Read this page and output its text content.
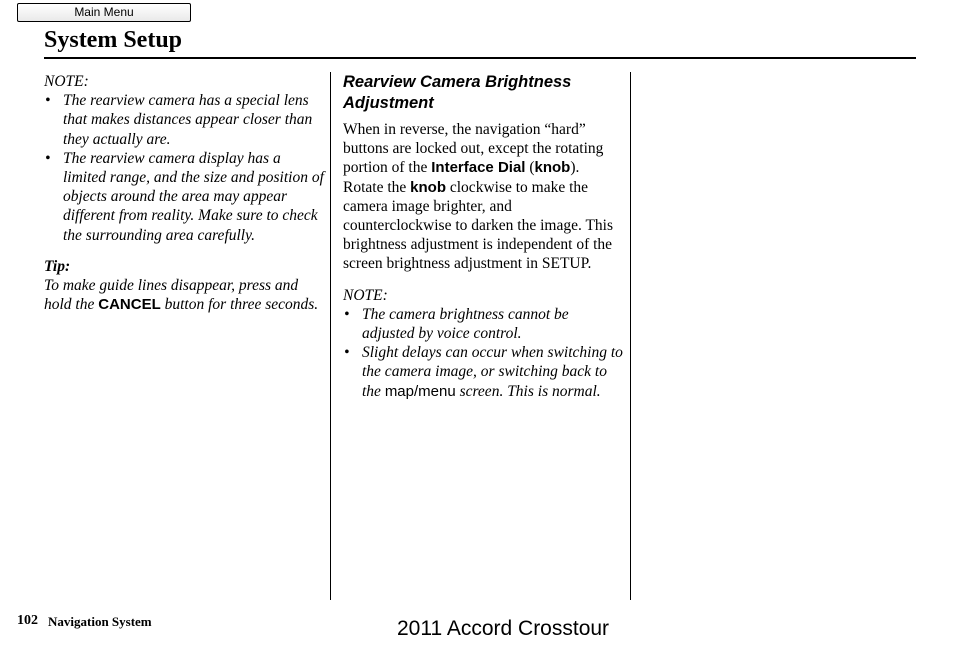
Main Menu
System Setup

NOTE:

• The rearview camera has a special lens that makes distances appear closer than they actually are.
• The rearview camera display has a limited range, and the size and position of objects around the area may appear different from reality. Make sure to check the surrounding area carefully.

Tip:

To make guide lines disappear, press and hold the CANCEL button for three seconds.

Rearview Camera Brightness Adjustment

When in reverse, the navigation “hard” buttons are locked out, except the rotating portion of the Interface Dial (knob). Rotate the knob clockwise to make the camera image brighter, and counterclockwise to darken the image. This brightness adjustment is independent of the screen brightness adjustment in SETUP.

NOTE:

• The camera brightness cannot be adjusted by voice control.
• Slight delays can occur when switching to the camera image, or switching back to the map/menu screen. This is normal.
102 Navigation System	2011 Accord Crosstour
